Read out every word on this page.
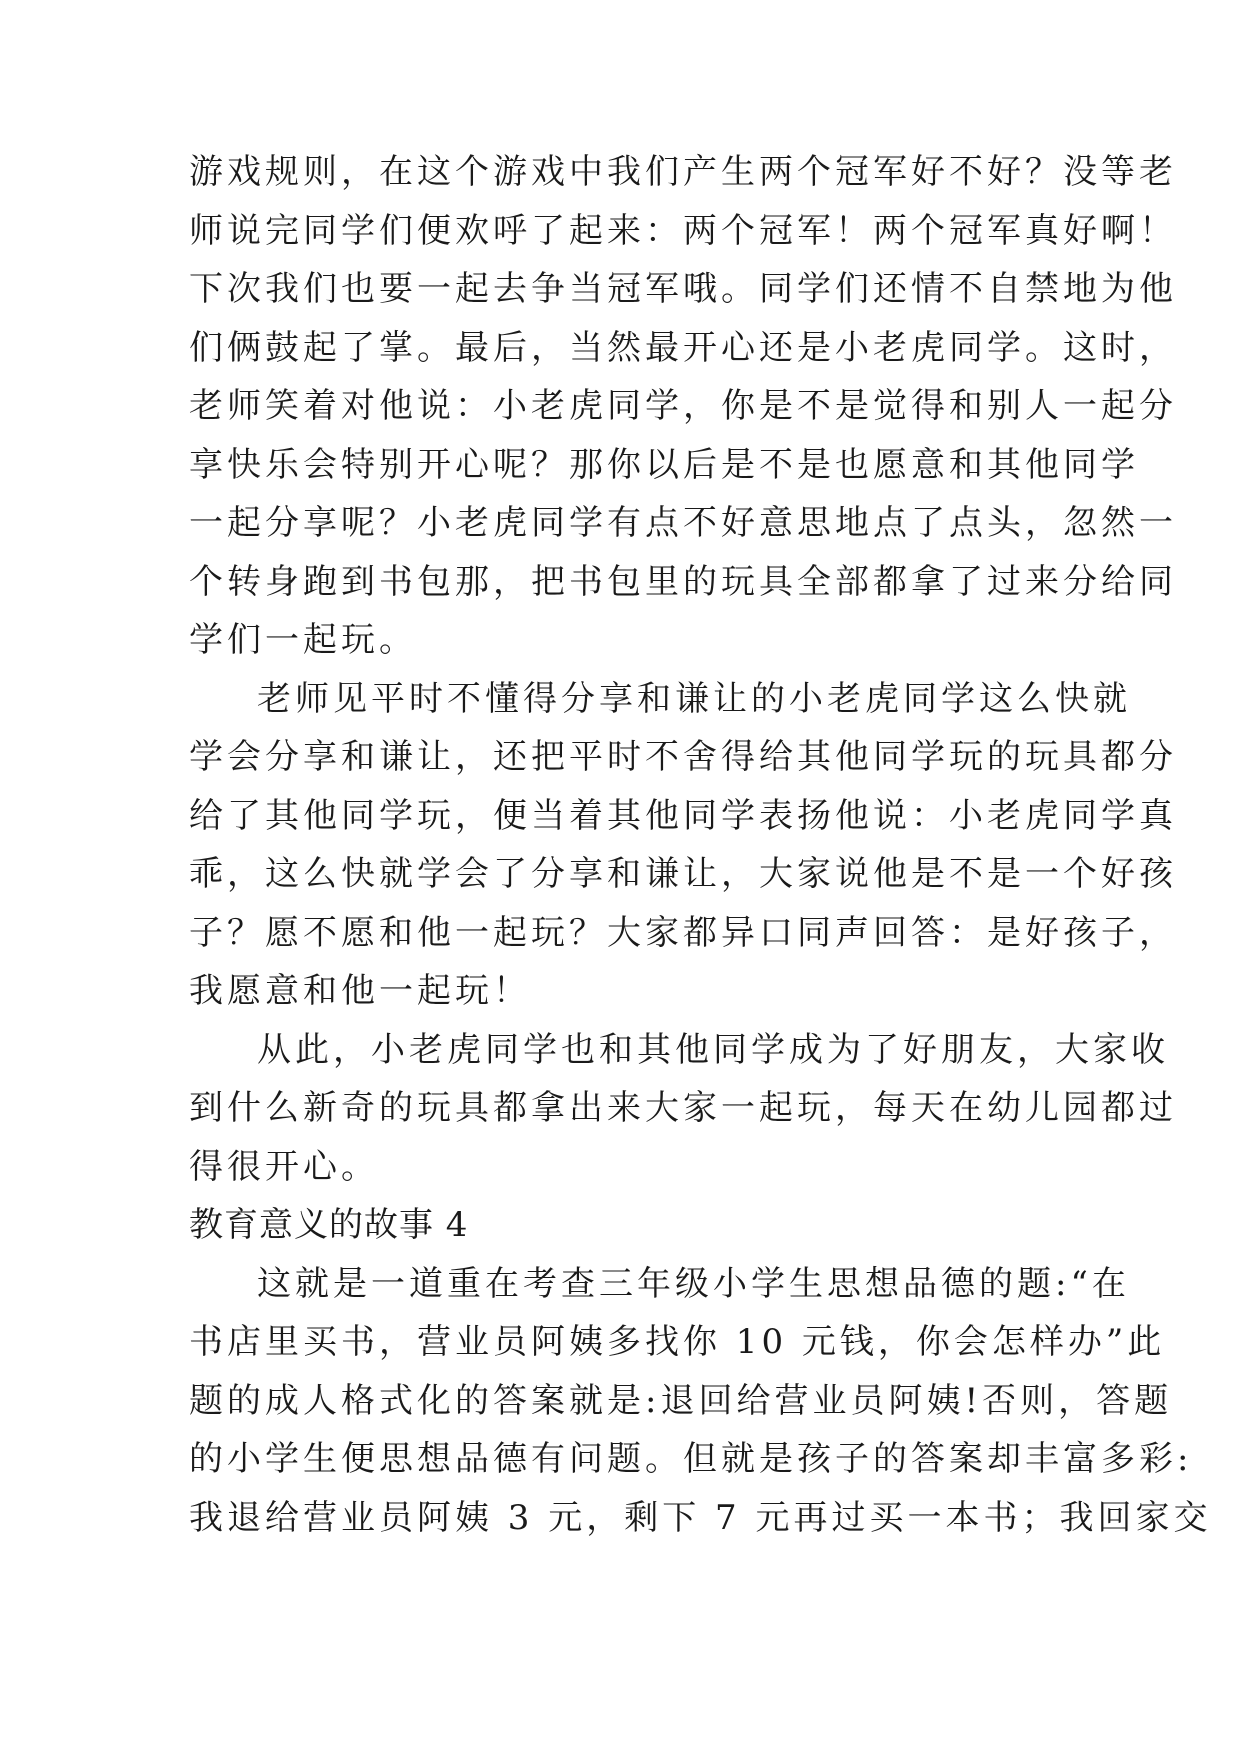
游戏规则，在这个游戏中我们产生两个冠军好不好？没等老
师说完同学们便欢呼了起来：两个冠军！两个冠军真好啊！
下次我们也要一起去争当冠军哦。同学们还情不自禁地为他
们俩鼓起了掌。最后，当然最开心还是小老虎同学。这时，
老师笑着对他说：小老虎同学，你是不是觉得和别人一起分
享快乐会特别开心呢？那你以后是不是也愿意和其他同学
一起分享呢？小老虎同学有点不好意思地点了点头，忽然一
个转身跑到书包那，把书包里的玩具全部都拿了过来分给同
学们一起玩。
老师见平时不懂得分享和谦让的小老虎同学这么快就
学会分享和谦让，还把平时不舍得给其他同学玩的玩具都分
给了其他同学玩，便当着其他同学表扬他说：小老虎同学真
乖，这么快就学会了分享和谦让，大家说他是不是一个好孩
子？愿不愿和他一起玩？大家都异口同声回答：是好孩子，
我愿意和他一起玩！
从此，小老虎同学也和其他同学成为了好朋友，大家收
到什么新奇的玩具都拿出来大家一起玩，每天在幼儿园都过
得很开心。
教育意义的故事 4
这就是一道重在考查三年级小学生思想品德的题:“在
书店里买书，营业员阿姨多找你 10 元钱，你会怎样办”此
题的成人格式化的答案就是:退回给营业员阿姨!否则，答题
的小学生便思想品德有问题。但就是孩子的答案却丰富多彩:
我退给营业员阿姨 3 元，剩下 7 元再过买一本书；我回家交
